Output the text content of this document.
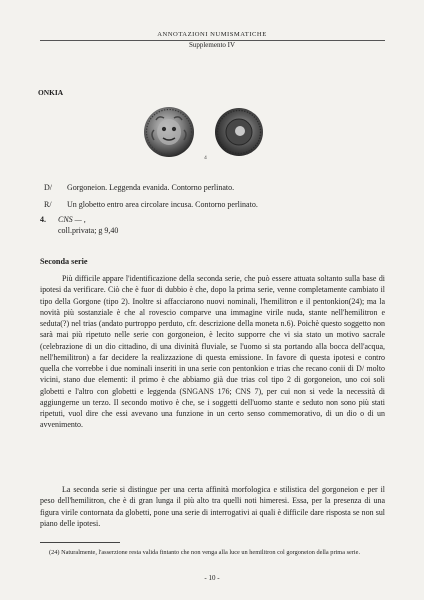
ANNOTAZIONI NUMISMATICHE
Supplemento IV
ONKIA
4
D/ Gorgoneion. Leggenda evanida. Contorno perlinato.
R/ Un globetto entro area circolare incusa. Contorno perlinato.
4. CNS — ,
coll.privata; g 9,40
Seconda serie
Più difficile appare l'identificazione della seconda serie, che può essere attuata soltanto sulla base di ipotesi da verificare. Ciò che è fuor di dubbio è che, dopo la prima serie, venne completamente cambiato il tipo della Gorgone (tipo 2). Inoltre si affacciarono nuovi nominali, l'hemilitron e il pentonkion(24); ma la novità più sostanziale è che al rovescio comparve una immagine virile nuda, stante nell'hemilitron e seduta(?) nel trias (andato purtroppo perduto, cfr. descrizione della moneta n.6). Poichè questo soggetto non sarà mai più ripetuto nelle serie con gorgoneion, è lecito supporre che vi sia stato un motivo sacrale (celebrazione di un dio cittadino, di una divinità fluviale, se l'uomo si sta portando alla bocca dell'acqua, nell'hemilitron) a far decidere la realizzazione di questa emissione. In favore di questa ipotesi e contro quella che vorrebbe i due nominali inseriti in una serie con pentonkion e trias che recano conii di D/ molto vicini, stano due elementi: il primo è che abbiamo già due trias col tipo 2 di gorgoneion, uno coi soli globetti e l'altro con globetti e leggenda (SNGANS 176; CNS 7), per cui non si vede la necessità di aggiungerne un terzo. Il secondo motivo è che, se i soggetti dell'uomo stante e seduto non sono più stati ripetuti, vuol dire che essi avevano una funzione in un certo senso commemorativo, di un dio o di un avvenimento.
La seconda serie si distingue per una certa affinità morfologica e stilistica del gorgoneion e per il peso dell'hemilitron, che è di gran lunga il più alto tra quelli noti himeresi. Essa, per la presenza di una figura virile contornata da globetti, pone una serie di interrogativi ai quali è difficile dare risposta se non sul piano delle ipotesi.
(24) Naturalmente, l'asserzione resta valida fintanto che non venga alla luce un hemilitron col gorgoneion della prima serie.
- 10 -
